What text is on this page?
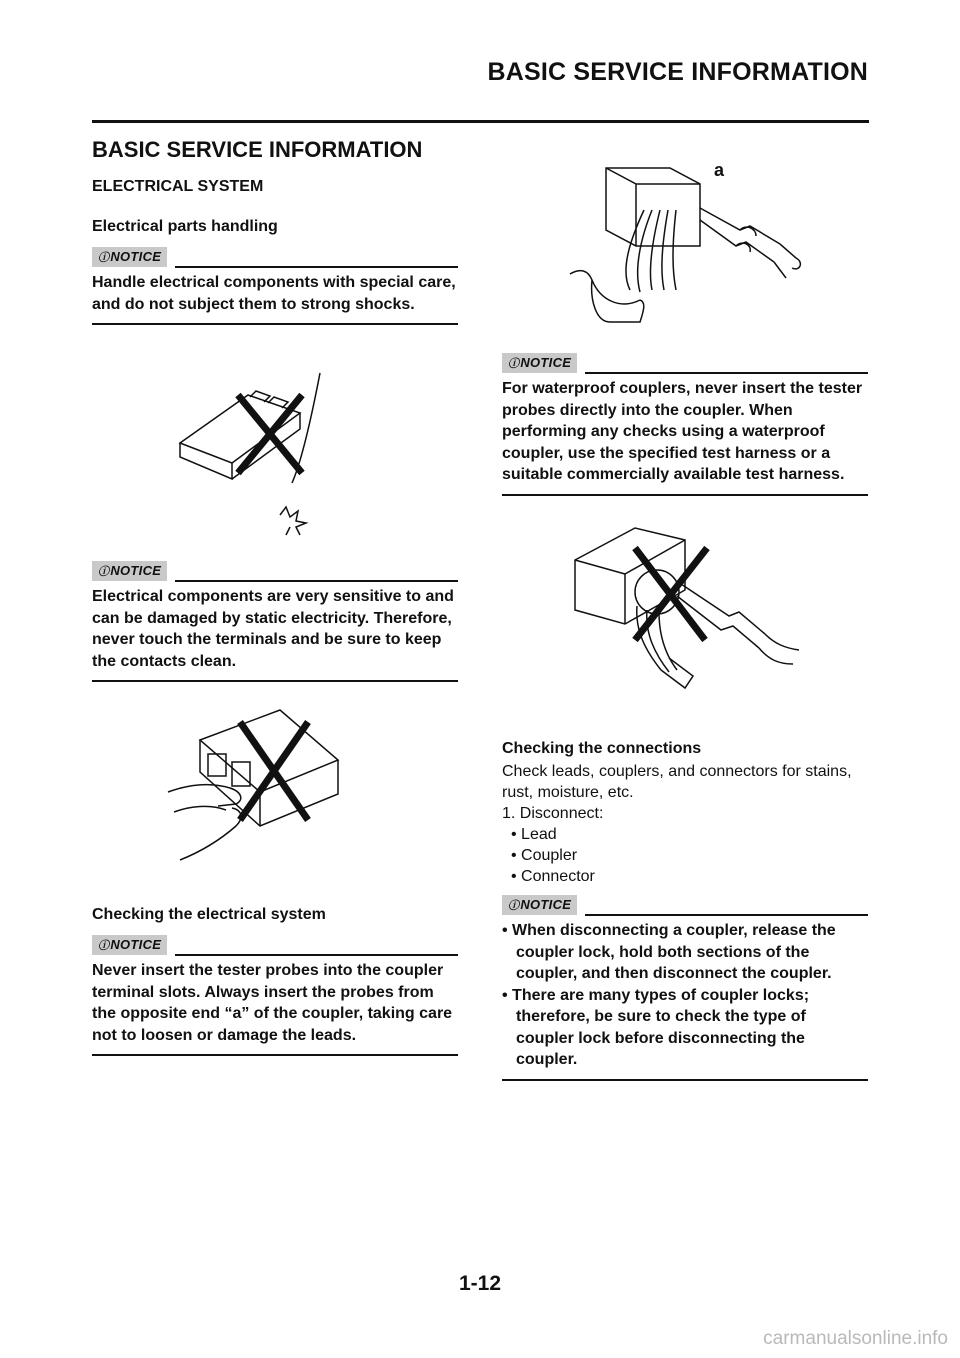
BASIC SERVICE INFORMATION
BASIC SERVICE INFORMATION
ELECTRICAL SYSTEM
Electrical parts handling
ⓘNOTICE
Handle electrical components with special care, and do not subject them to strong shocks.
ⓘNOTICE
Electrical components are very sensitive to and can be damaged by static electricity. Therefore, never touch the terminals and be sure to keep the contacts clean.
Checking the electrical system
ⓘNOTICE
Never insert the tester probes into the coupler terminal slots. Always insert the probes from the opposite end “a” of the coupler, taking care not to loosen or damage the leads.
a
ⓘNOTICE
For waterproof couplers, never insert the tester probes directly into the coupler. When performing any checks using a waterproof coupler, use the specified test harness or a suitable commercially available test harness.
Checking the connections
Check leads, couplers, and connectors for stains, rust, moisture, etc.
1. Disconnect:
• Lead
• Coupler
• Connector
ⓘNOTICE
• When disconnecting a coupler, release the coupler lock, hold both sections of the coupler, and then disconnect the coupler.
• There are many types of coupler locks; therefore, be sure to check the type of coupler lock before disconnecting the coupler.
1-12
carmanualsonline.info
